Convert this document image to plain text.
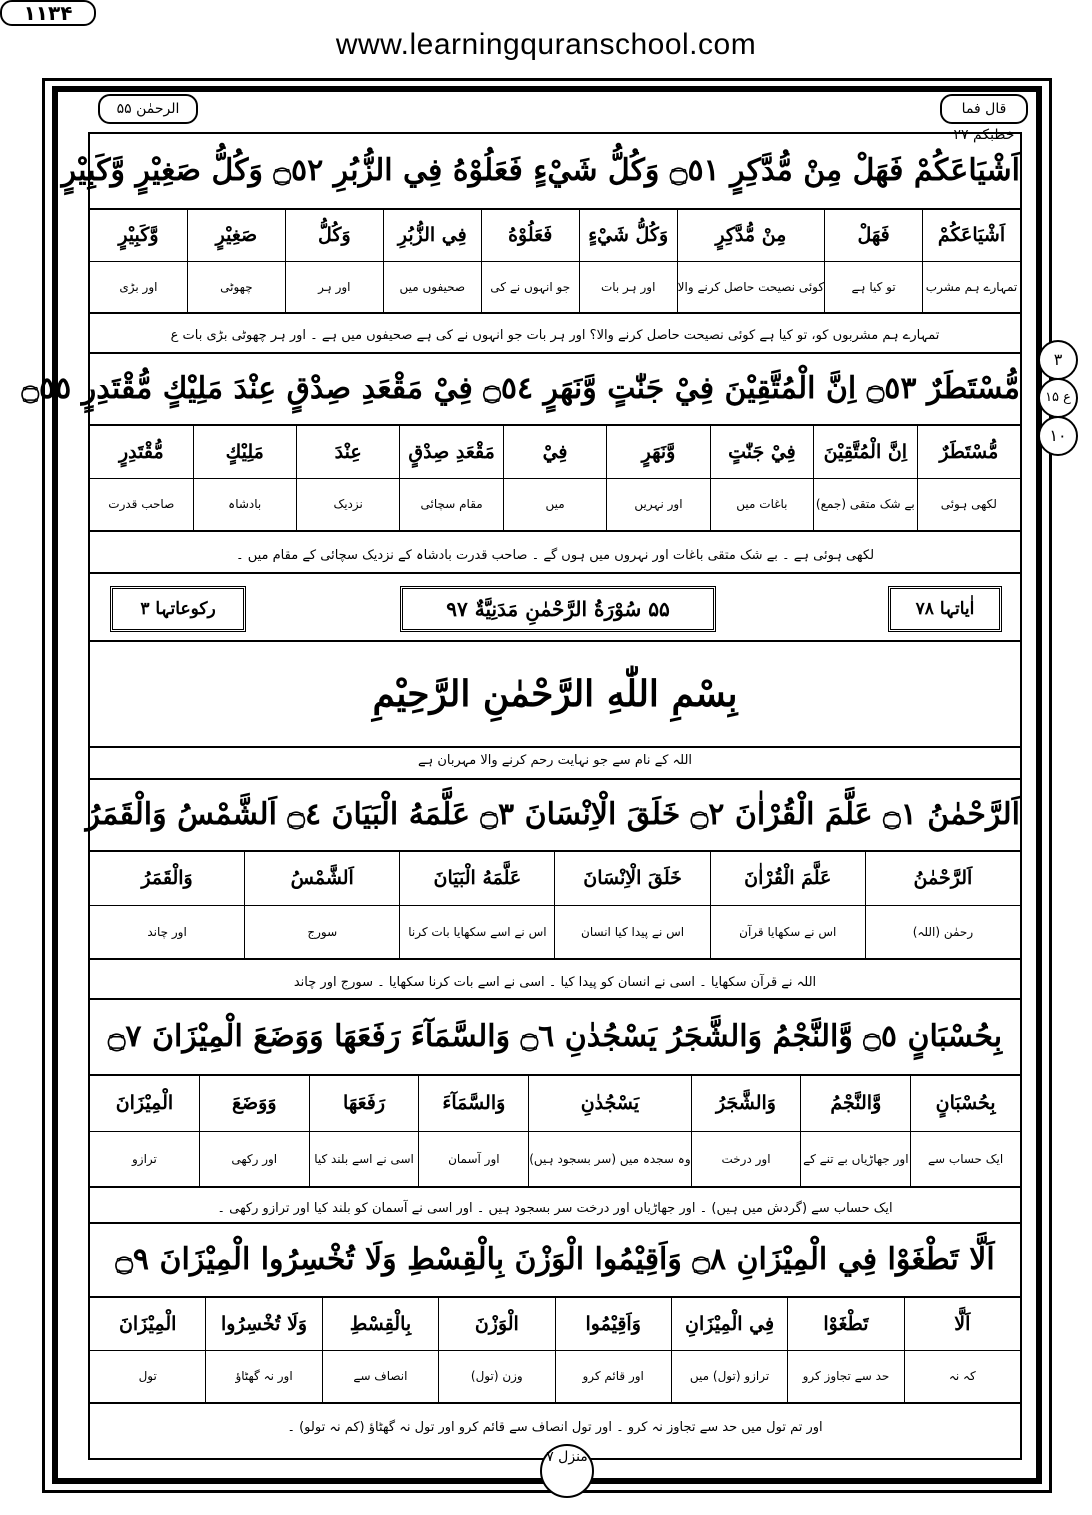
www.learningquranschool.com
الرحمٰن ۵۵
۱۱۳۴
قال فما خطبکم ۲۷
۳
ع ۱۵
۱۰
اَشْيَاعَكُمْ فَهَلْ مِنْ مُّدَّكِرٍ ۝٥١ وَكُلُّ شَيْءٍ فَعَلُوْهُ فِي الزُّبُرِ ۝٥٢ وَكُلُّ صَغِيْرٍ وَّكَبِيْرٍ
اَشْيَاعَكُمْ
تمہارے ہم مشرب
فَهَلْ
تو کیا ہے
مِنْ مُّدَّكِرٍ
کوئی نصیحت حاصل کرنے والا
وَكُلُّ شَيْءٍ
اور ہر بات
فَعَلُوْهُ
جو انہوں نے کی
فِي الزُّبُرِ
صحیفوں میں
وَكُلُّ
اور ہر
صَغِيْرٍ
چھوٹی
وَّكَبِيْرٍ
اور بڑی
تمہارے ہم مشربوں کو، تو کیا ہے کوئی نصیحت حاصل کرنے والا؟ اور ہر بات جو انہوں نے کی ہے صحیفوں میں ہے ۔ اور ہر چھوٹی بڑی بات ع
مُّسْتَطَرٌ ۝٥٣ اِنَّ الْمُتَّقِيْنَ فِيْ جَنّٰتٍ وَّنَهَرٍ ۝٥٤ فِيْ مَقْعَدِ صِدْقٍ عِنْدَ مَلِيْكٍ مُّقْتَدِرٍ ۝٥٥
مُّسْتَطَرٌ
لکھی ہوئی
اِنَّ الْمُتَّقِيْنَ
بے شک متقی (جمع)
فِيْ جَنّٰتٍ
باغات میں
وَّنَهَرٍ
اور نہریں
فِيْ
میں
مَقْعَدِ صِدْقٍ
مقام سچائی
عِنْدَ
نزدیک
مَلِيْكٍ
بادشاہ
مُّقْتَدِرٍ
صاحب قدرت
لکھی ہوئی ہے ۔ بے شک متقی باغات اور نہروں میں ہوں گے ۔ صاحب قدرت بادشاہ کے نزدیک سچائی کے مقام میں ۔
اٰیاتہا ۷۸
۵۵ سُوْرَةُ الرَّحْمٰنِ مَدَنِيَّةٌ ۹۷
رکوعاتہا ۳
بِسْمِ اللّٰهِ الرَّحْمٰنِ الرَّحِيْمِ
اللہ کے نام سے جو نہایت رحم کرنے والا مہربان ہے
اَلرَّحْمٰنُ ۝١ عَلَّمَ الْقُرْاٰنَ ۝٢ خَلَقَ الْاِنْسَانَ ۝٣ عَلَّمَهُ الْبَيَانَ ۝٤ اَلشَّمْسُ وَالْقَمَرُ
اَلرَّحْمٰنُ
رحمٰن (اللہ)
عَلَّمَ الْقُرْاٰنَ
اس نے سکھایا قرآن
خَلَقَ الْاِنْسَانَ
اس نے پیدا کیا انسان
عَلَّمَهُ الْبَيَانَ
اس نے اسے سکھایا بات کرنا
اَلشَّمْسُ
سورج
وَالْقَمَرُ
اور چاند
اللہ نے قرآن سکھایا ۔ اسی نے انسان کو پیدا کیا ۔ اسی نے اسے بات کرنا سکھایا ۔ سورج اور چاند
بِحُسْبَانٍ ۝٥ وَّالنَّجْمُ وَالشَّجَرُ يَسْجُدٰنِ ۝٦ وَالسَّمَآءَ رَفَعَهَا وَوَضَعَ الْمِيْزَانَ ۝٧
بِحُسْبَانٍ
ایک حساب سے
وَّالنَّجْمُ
اور جھاڑیاں بے تنے کے
وَالشَّجَرُ
اور درخت
يَسْجُدٰنِ
وہ سجدہ میں (سر بسجود ہیں)
وَالسَّمَآءَ
اور آسمان
رَفَعَهَا
اسی نے اسے بلند کیا
وَوَضَعَ
اور رکھی
الْمِيْزَانَ
ترازو
ایک حساب سے (گردش میں ہیں) ۔ اور جھاڑیاں اور درخت سر بسجود ہیں ۔ اور اسی نے آسمان کو بلند کیا اور ترازو رکھی ۔
اَلَّا تَطْغَوْا فِي الْمِيْزَانِ ۝٨ وَاَقِيْمُوا الْوَزْنَ بِالْقِسْطِ وَلَا تُخْسِرُوا الْمِيْزَانَ ۝٩
اَلَّا
کہ نہ
تَطْغَوْا
حد سے تجاوز کرو
فِي الْمِيْزَانِ
ترازو (تول) میں
وَاَقِيْمُوا
اور قائم کرو
الْوَزْنَ
وزن (تول)
بِالْقِسْطِ
انصاف سے
وَلَا تُخْسِرُوا
اور نہ گھٹاؤ
الْمِيْزَانَ
تول
اور تم تول میں حد سے تجاوز نہ کرو ۔ اور تول انصاف سے قائم کرو اور تول نہ گھٹاؤ (کم نہ تولو) ۔
منزل ۷
